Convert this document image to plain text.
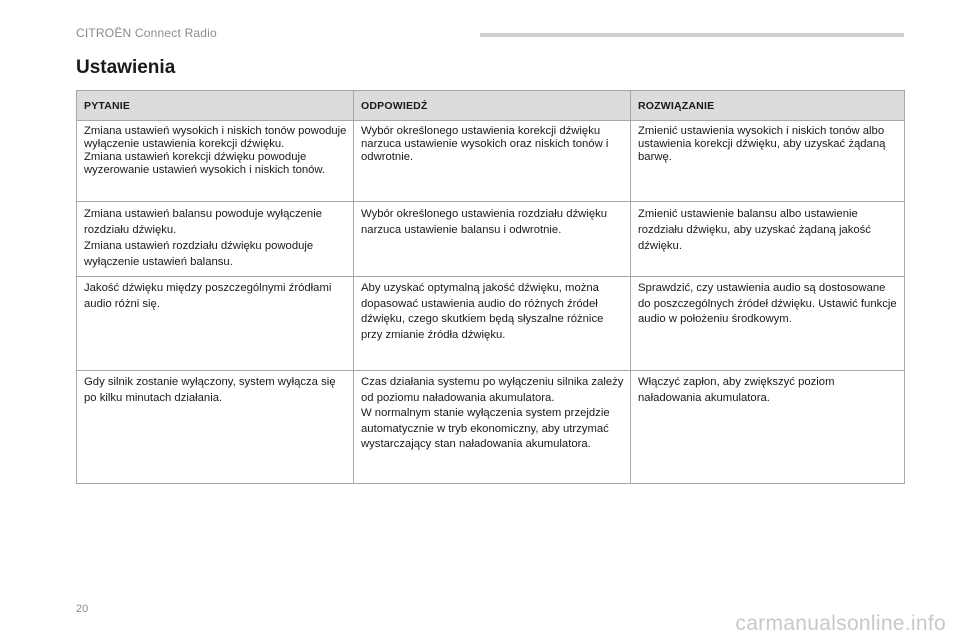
CITROËN Connect Radio
Ustawienia
PYTANIE	ODPOWIEDŹ	ROZWIĄZANIE

Zmiana ustawień wysokich i niskich tonów powoduje wyłączenie ustawienia korekcji dźwięku.
Zmiana ustawień korekcji dźwięku powoduje wyzerowanie ustawień wysokich i niskich tonów.	Wybór określonego ustawienia korekcji dźwięku narzuca ustawienie wysokich oraz niskich tonów i odwrotnie.	Zmienić ustawienia wysokich i niskich tonów albo ustawienia korekcji dźwięku, aby uzyskać żądaną barwę.

Zmiana ustawień balansu powoduje wyłączenie rozdziału dźwięku.
Zmiana ustawień rozdziału dźwięku powoduje wyłączenie ustawień balansu.	Wybór określonego ustawienia rozdziału dźwięku narzuca ustawienie balansu i odwrotnie.	Zmienić ustawienie balansu albo ustawienie rozdziału dźwięku, aby uzyskać żądaną jakość dźwięku.

Jakość dźwięku między poszczególnymi źródłami audio różni się.	Aby uzyskać optymalną jakość dźwięku, można dopasować ustawienia audio do różnych źródeł dźwięku, czego skutkiem będą słyszalne różnice przy zmianie źródła dźwięku.	Sprawdzić, czy ustawienia audio są dostosowane do poszczególnych źródeł dźwięku. Ustawić funkcje audio w położeniu środkowym.

Gdy silnik zostanie wyłączony, system wyłącza się po kilku minutach działania.	Czas działania systemu po wyłączeniu silnika zależy od poziomu naładowania akumulatora.
W normalnym stanie wyłączenia system przejdzie automatycznie w tryb ekonomiczny, aby utrzymać wystarczający stan naładowania akumulatora.	Włączyć zapłon, aby zwiększyć poziom naładowania akumulatora.
20
carmanualsonline.info
